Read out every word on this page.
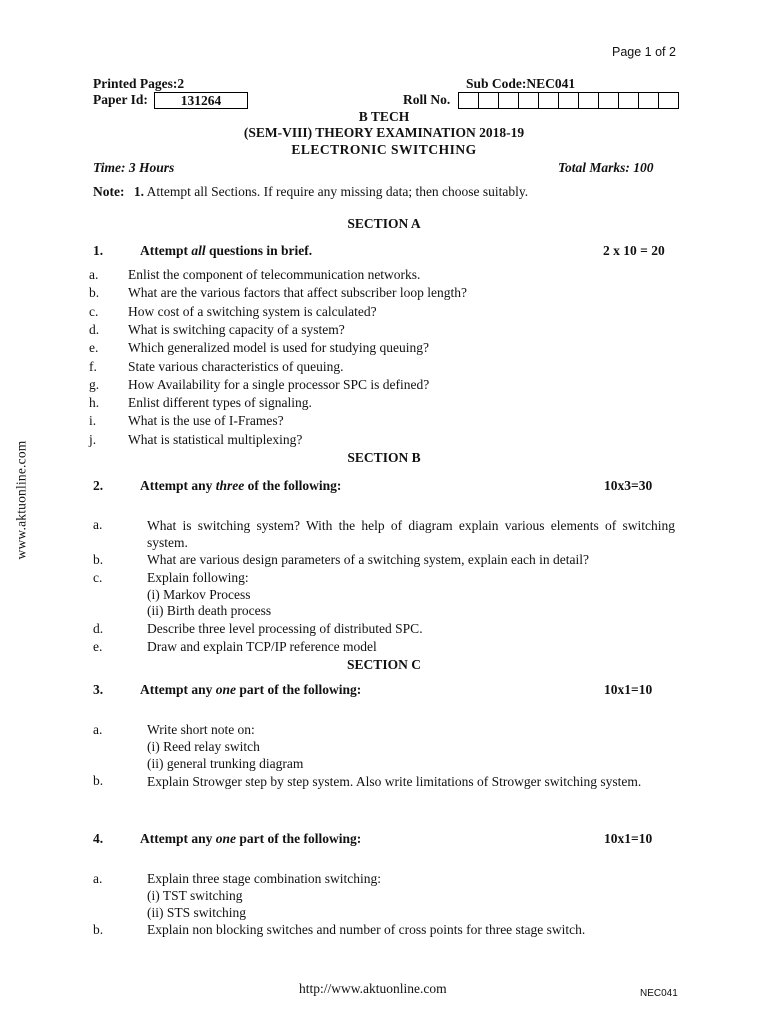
Page 1 of 2
Printed Pages:2	Sub Code:NEC041
Paper Id:	131264	Roll No.
B TECH
(SEM-VIII) THEORY EXAMINATION 2018-19
ELECTRONIC SWITCHING
Time: 3 Hours	Total Marks: 100
Note: 1. Attempt all Sections. If require any missing data; then choose suitably.
SECTION A
1.	Attempt all questions in brief.	2 x 10 = 20
a. Enlist the component of telecommunication networks.
b. What are the various factors that affect subscriber loop length?
c. How cost of a switching system is calculated?
d. What is switching capacity of a system?
e. Which generalized model is used for studying queuing?
f. State various characteristics of queuing.
g. How Availability for a single processor SPC is defined?
h. Enlist different types of signaling.
i. What is the use of I-Frames?
j. What is statistical multiplexing?
SECTION B
2.	Attempt any three of the following:	10x3=30
a.	What is switching system? With the help of diagram explain various elements of switching system.
b.	What are various design parameters of a switching system, explain each in detail?
c.	Explain following:
(i) Markov Process
(ii) Birth death process
d.	Describe three level processing of distributed SPC.
e.	Draw and explain TCP/IP reference model
SECTION C
3.	Attempt any one part of the following:	10x1=10
a.	Write short note on:
(i) Reed relay switch
(ii) general trunking diagram
b.	Explain Strowger step by step system. Also write limitations of Strowger switching system.
4.	Attempt any one part of the following:	10x1=10
a.	Explain three stage combination switching:
(i) TST switching
(ii) STS switching
b.	Explain non blocking switches and number of cross points for three stage switch.
www.aktuonline.com
http://www.aktuonline.com	NEC041
